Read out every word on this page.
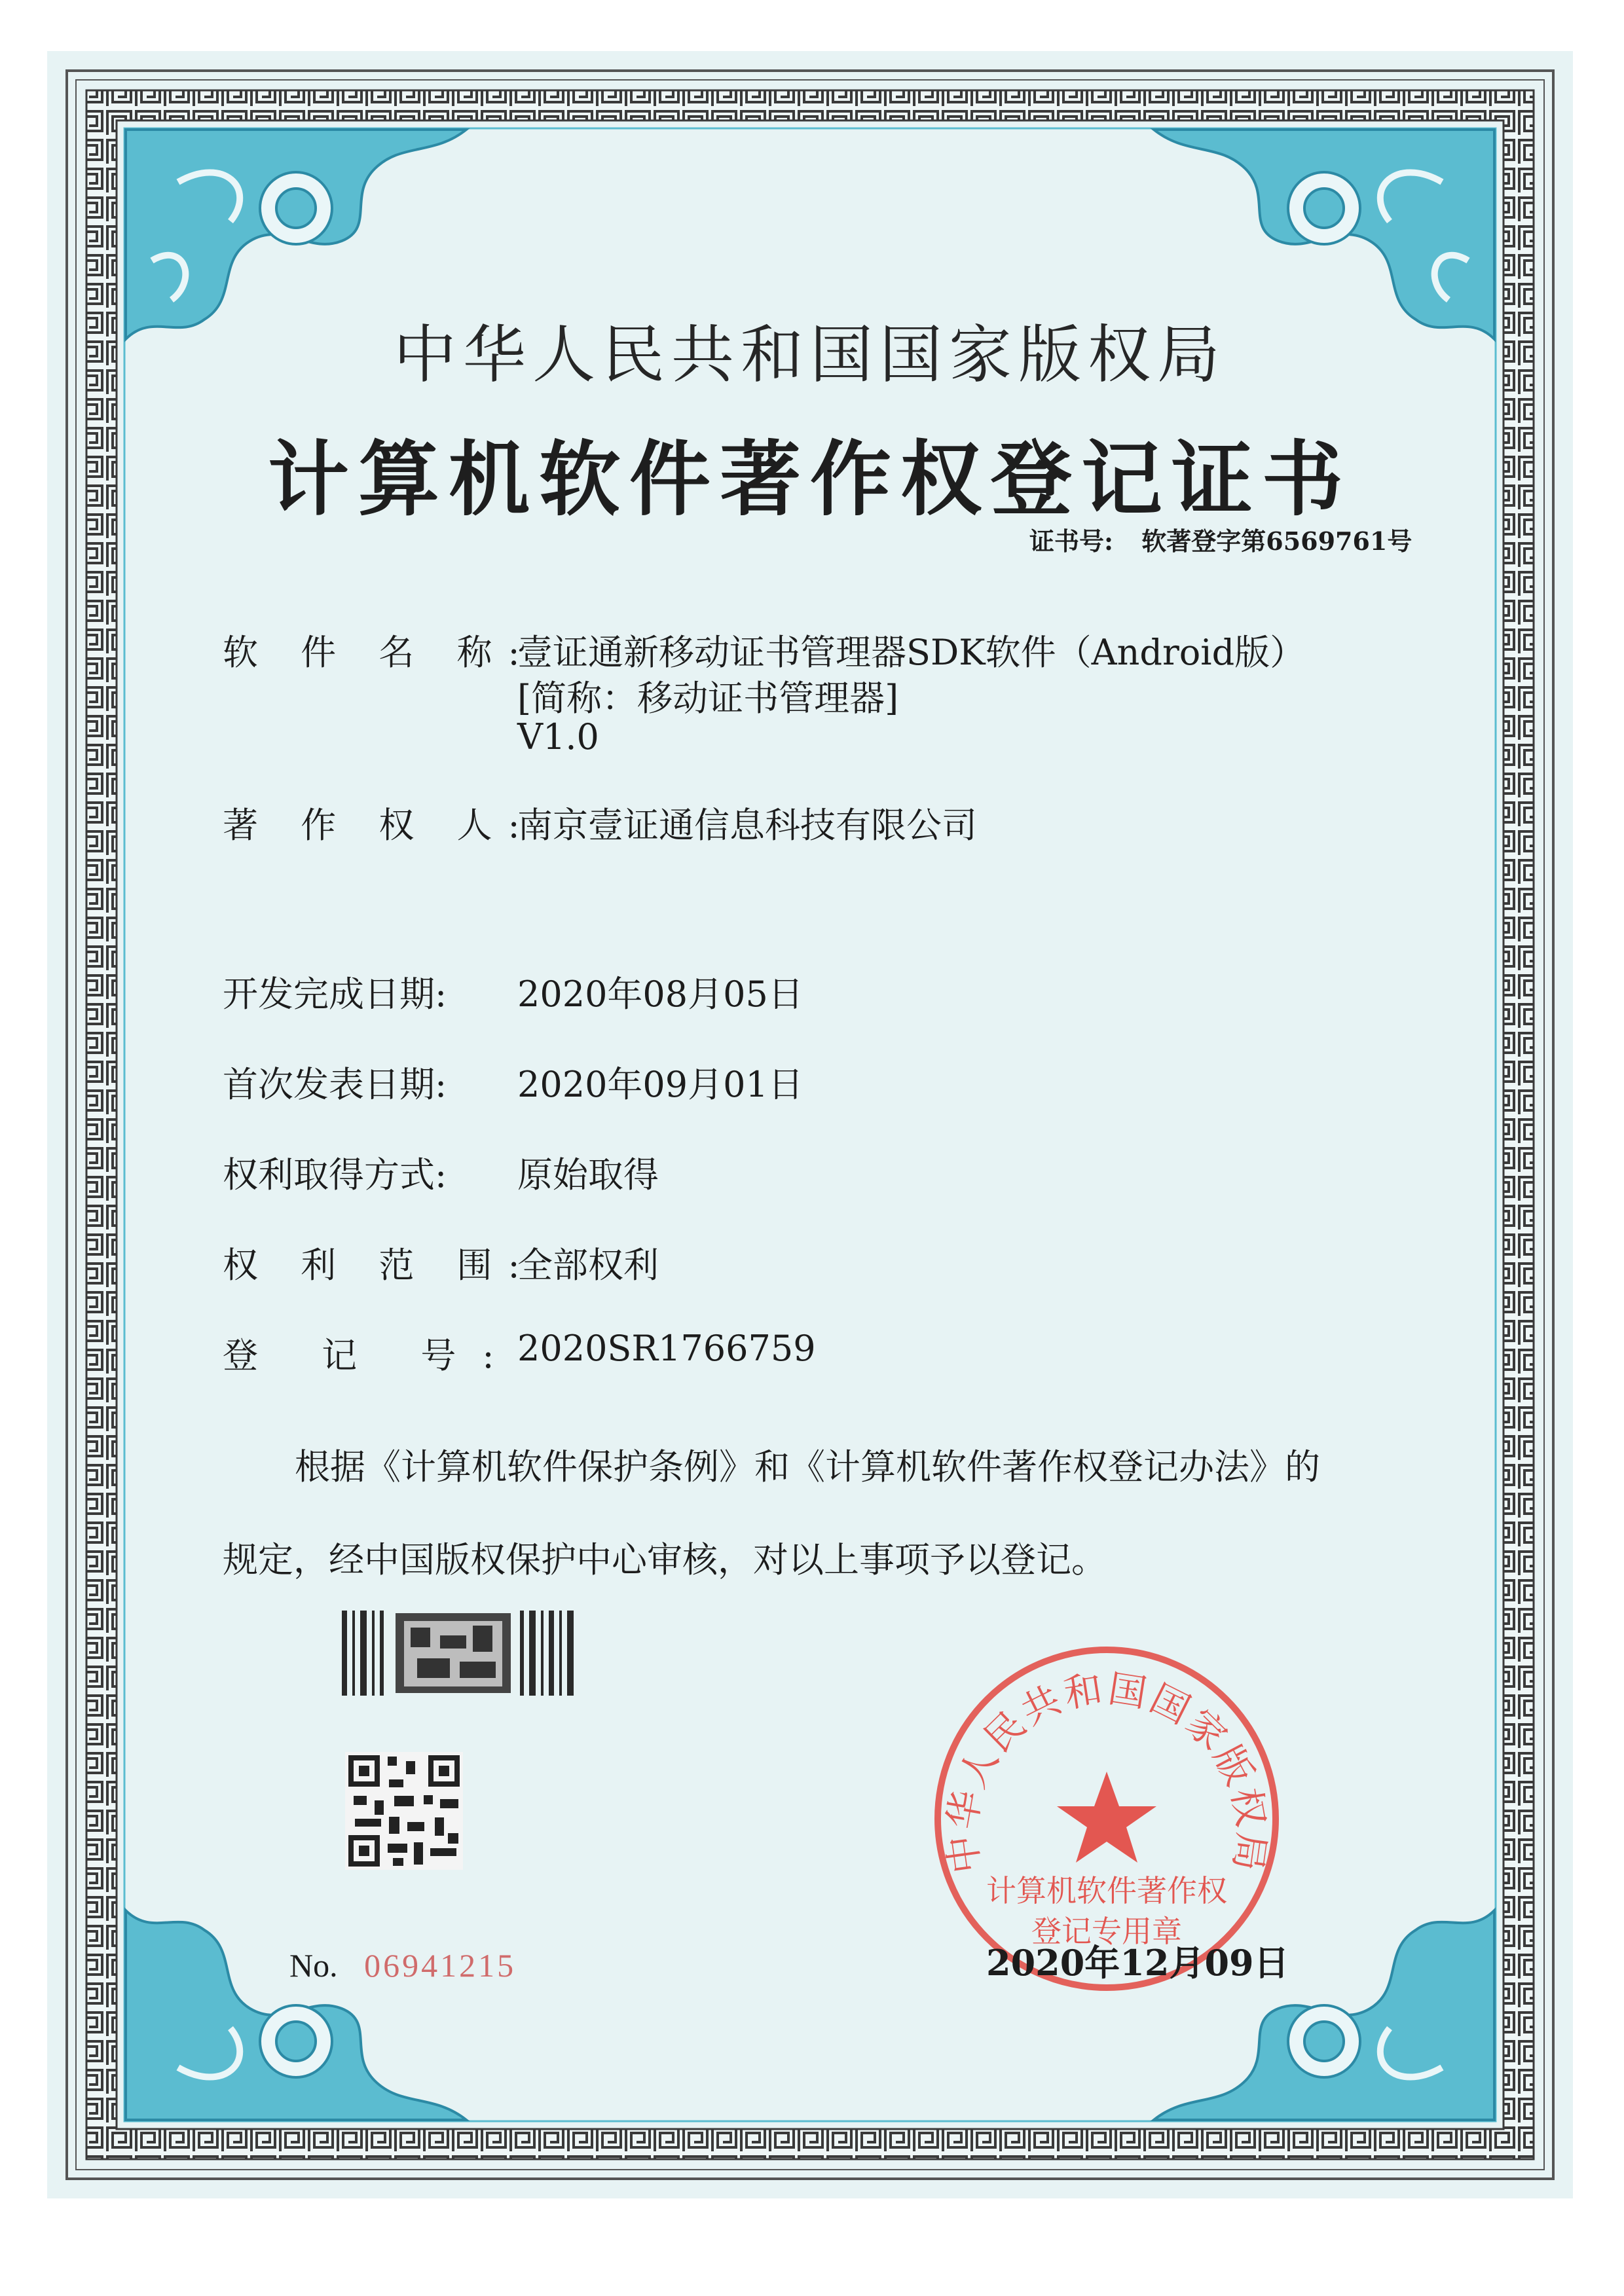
中华人民共和国国家版权局
计算机软件著作权
登记专用章
中华人民共和国国家版权局
计算机软件著作权登记证书
证书号: 软著登字第6569761号
软 件 名 称:
壹证通新移动证书管理器SDK软件（Android版）
[简称：移动证书管理器]
V1.0
著 作 权 人:
南京壹证通信息科技有限公司
开发完成日期: 2020年08月05日
首次发表日期: 2020年09月01日
权利取得方式: 原始取得
权 利 范 围:
全部权利
登 记 号:
2020SR1766759
根据《计算机软件保护条例》和《计算机软件著作权登记办法》的
规定，经中国版权保护中心审核，对以上事项予以登记。
No. 06941215	2020年12月09日
